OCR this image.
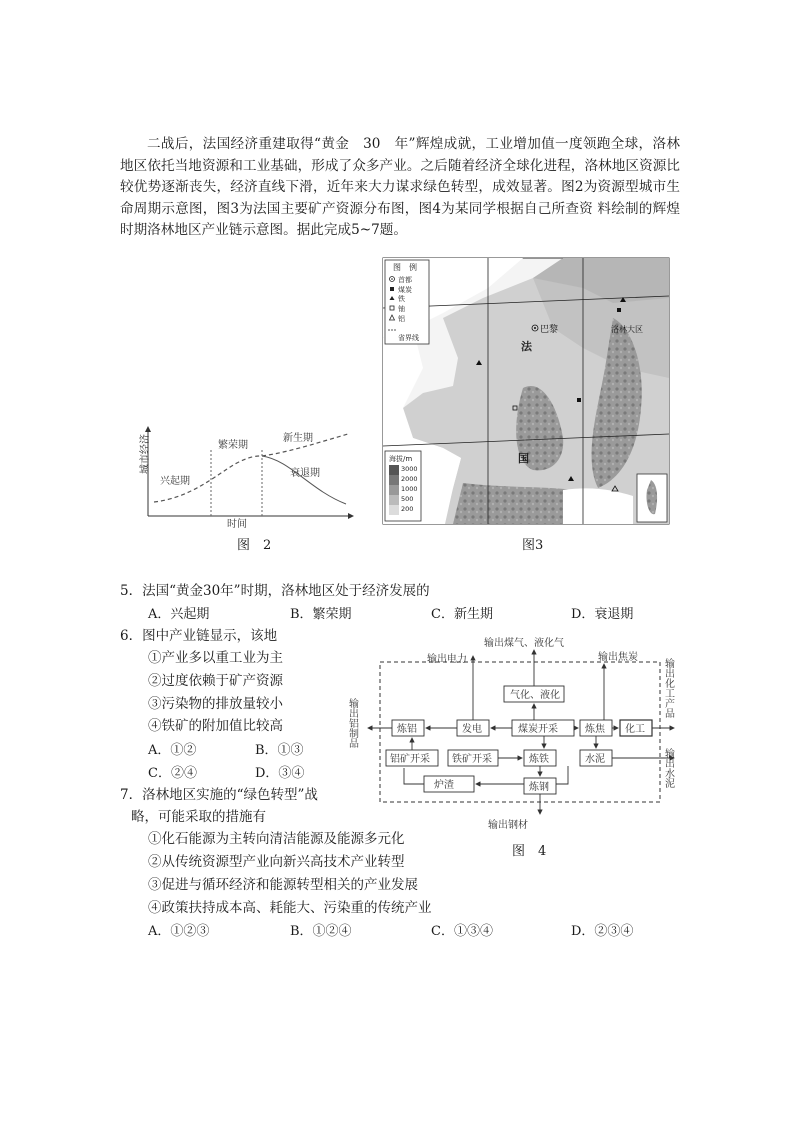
二战后，法国经济重建取得“黄金　30　年”辉煌成就，工业增加值一度领跑全球，洛林地区依托当地资源和工业基础，形成了众多产业。之后随着经济全球化进程，洛林地区资源比较优势逐渐丧失，经济直线下滑，近年来大力谋求绿色转型，成效显著。图2为资源型城市生命周期示意图，图3为法国主要矿产资源分布图，图4为某同学根据自己所查资 料绘制的辉煌时期洛林地区产业链示意图。据此完成5~7题。

城市经济
时间
兴起期
繁荣期
新生期
衰退期
图　2
图　例
首都
煤炭
铁
铀
铝
省界线
巴黎	洛林大区
法
国
海拔/m
3000
2000
1000
500
200
图3
5．法国“黄金30年”时期，洛林地区处于经济发展的
A．兴起期	B．繁荣期	C．新生期	D．衰退期
6．图中产业链显示，该地
①产业多以重工业为主
②过度依赖于矿产资源
③污染物的排放量较小
④铁矿的附加值比较高
A．①②	B．①③
C．②④	D．③④
7．洛林地区实施的“绿色转型”战
略，可能采取的措施有
①化石能源为主转向清洁能源及能源多元化
②从传统资源型产业向新兴高技术产业转型
③促进与循环经济和能源转型相关的产业发展
④政策扶持成本高、耗能大、污染重的传统产业
A．①②③	B．①②④	C．①③④	D．②③④
输出电力
输出煤气、液化气
输出焦炭
输出铝制品
输出化工产品
输出水泥
输出钢材
气化、液化
炼铝	发电	煤炭开采	炼焦 化工
铝矿开采 铁矿开采	炼铁	水泥
炉渣	炼钢
图　4
